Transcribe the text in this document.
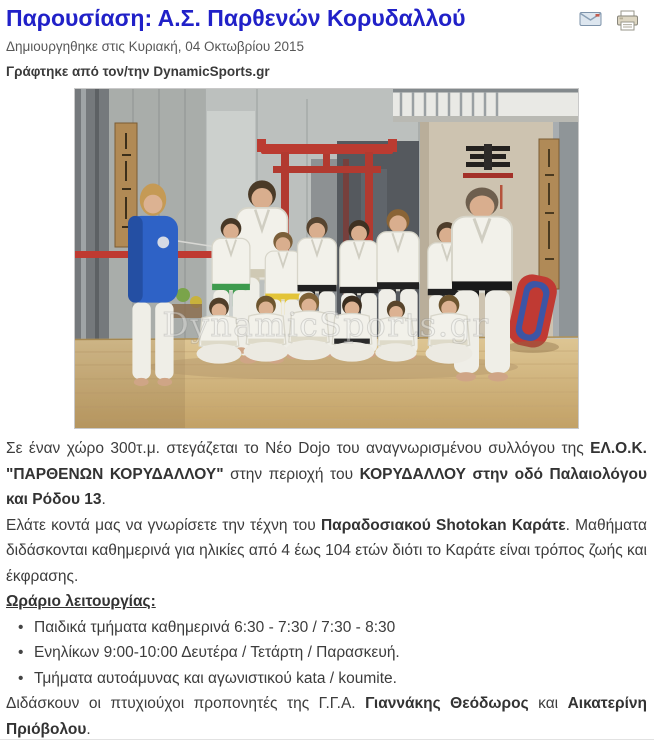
Παρουσίαση: Α.Σ. Παρθενών Κορυδαλλού

Δημιουργηθηκε στις Κυριακή, 04 Οκτωβρίου 2015

Γράφτηκε από τον/την DynamicSports.gr

DynamicSports.gr

Σε έναν χώρο 300τ.μ. στεγάζεται το Νέο Dojo του αναγνωρισμένου συλλόγου της ΕΛ.Ο.Κ. "ΠΑΡΘΕΝΩΝ ΚΟΡΥΔΑΛΛΟΥ" στην περιοχή του ΚΟΡΥΔΑΛΛΟΥ στην οδό Παλαιολόγου και Ρόδου 13.

Ελάτε κοντά μας να γνωρίσετε την τέχνη του Παραδοσιακού Shotokan Καράτε. Μαθήματα διδάσκονται καθημερινά για ηλικίες από 4 έως 104 ετών διότι το Καράτε είναι τρόπος ζωής και έκφρασης.

Ωράριο λειτουργίας:

• Παιδικά τμήματα καθημερινά 6:30 - 7:30 / 7:30 - 8:30
• Ενηλίκων 9:00-10:00 Δευτέρα / Τετάρτη / Παρασκευή.
• Τμήματα αυτοάμυνας και αγωνιστικού kata / koumite.

Διδάσκουν οι πτυχιούχοι προπονητές της Γ.Γ.Α. Γιαννάκης Θεόδωρος και Αικατερίνη Πριόβολου.
